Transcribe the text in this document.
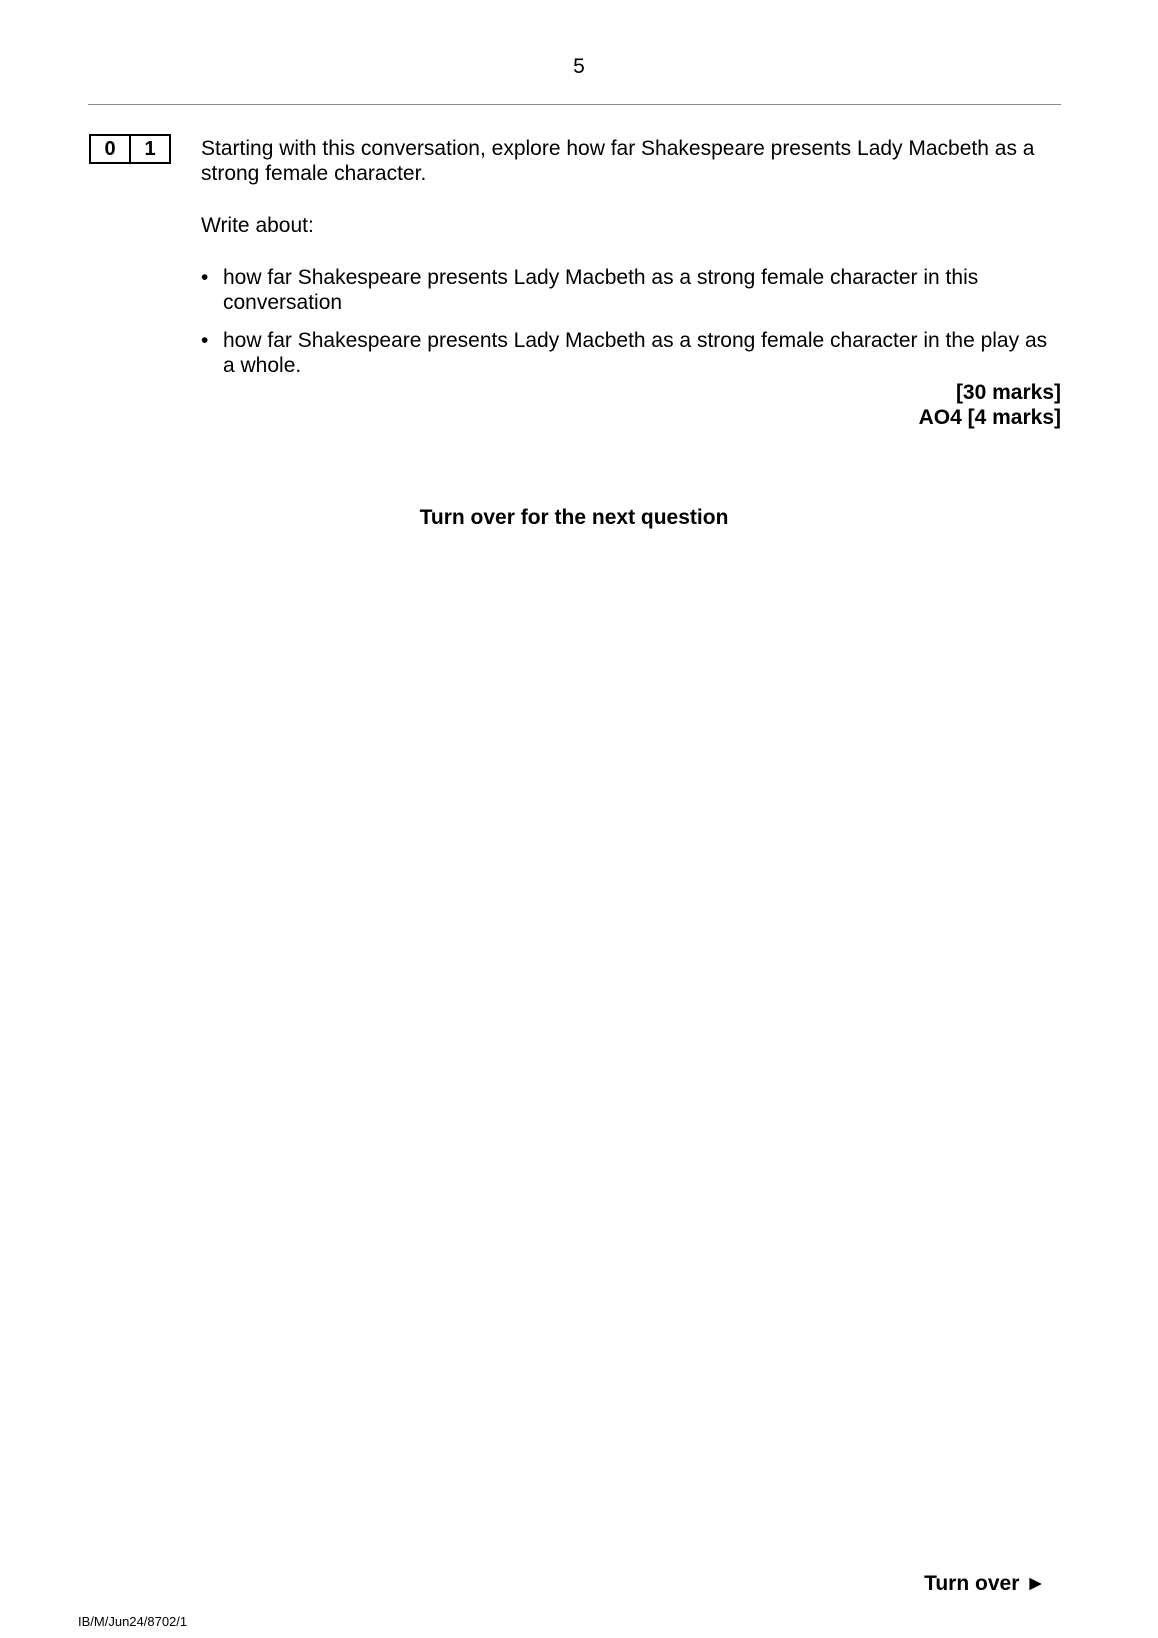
5
0	1	Starting with this conversation, explore how far Shakespeare presents Lady Macbeth as a strong female character.

Write about:

• how far Shakespeare presents Lady Macbeth as a strong female character in this conversation
• how far Shakespeare presents Lady Macbeth as a strong female character in the play as a whole.
[30 marks]
AO4 [4 marks]
Turn over for the next question
Turn over ►
IB/M/Jun24/8702/1
